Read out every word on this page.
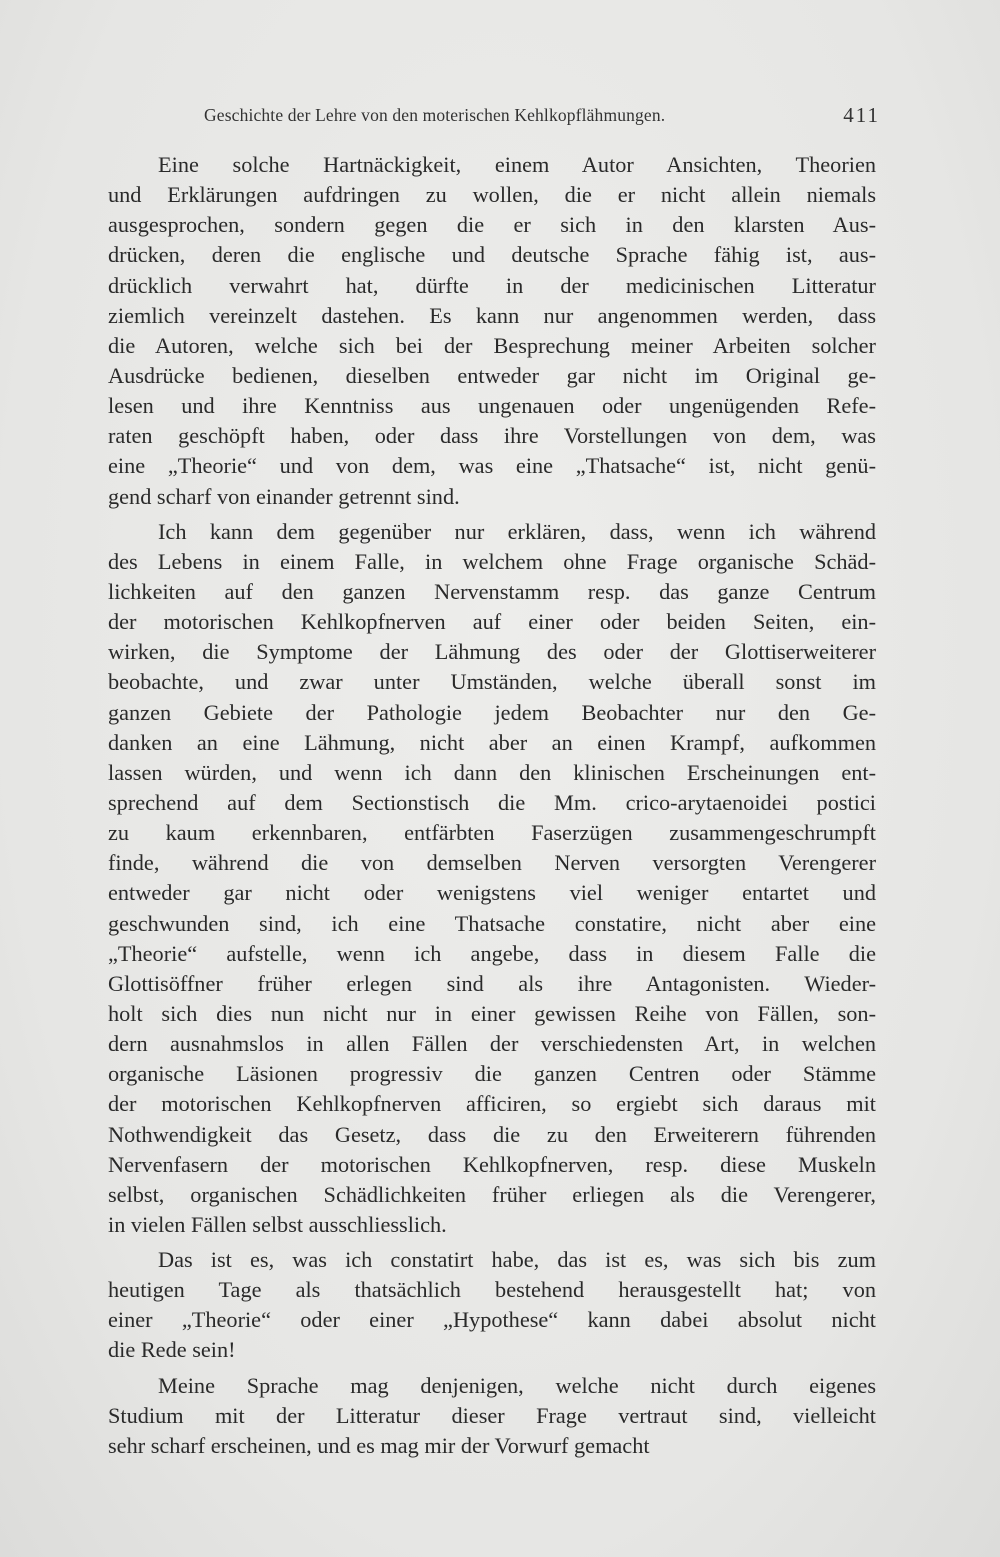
Geschichte der Lehre von den moterischen Kehlkopflähmungen.	411
Eine solche Hartnäckigkeit, einem Autor Ansichten, Theorien
und Erklärungen aufdringen zu wollen, die er nicht allein niemals
ausgesprochen, sondern gegen die er sich in den klarsten Aus-
drücken, deren die englische und deutsche Sprache fähig ist, aus-
drücklich verwahrt hat, dürfte in der medicinischen Litteratur
ziemlich vereinzelt dastehen. Es kann nur angenommen werden, dass
die Autoren, welche sich bei der Besprechung meiner Arbeiten solcher
Ausdrücke bedienen, dieselben entweder gar nicht im Original ge-
lesen und ihre Kenntniss aus ungenauen oder ungenügenden Refe-
raten geschöpft haben, oder dass ihre Vorstellungen von dem, was
eine „Theorie“ und von dem, was eine „Thatsache“ ist, nicht genü-
gend scharf von einander getrennt sind.
Ich kann dem gegenüber nur erklären, dass, wenn ich während
des Lebens in einem Falle, in welchem ohne Frage organische Schäd-
lichkeiten auf den ganzen Nervenstamm resp. das ganze Centrum
der motorischen Kehlkopfnerven auf einer oder beiden Seiten, ein-
wirken, die Symptome der Lähmung des oder der Glottiserweiterer
beobachte, und zwar unter Umständen, welche überall sonst im
ganzen Gebiete der Pathologie jedem Beobachter nur den Ge-
danken an eine Lähmung, nicht aber an einen Krampf, aufkommen
lassen würden, und wenn ich dann den klinischen Erscheinungen ent-
sprechend auf dem Sectionstisch die Mm. crico-arytaenoidei postici
zu kaum erkennbaren, entfärbten Faserzügen zusammengeschrumpft
finde, während die von demselben Nerven versorgten Verengerer
entweder gar nicht oder wenigstens viel weniger entartet und
geschwunden sind, ich eine Thatsache constatire, nicht aber eine
„Theorie“ aufstelle, wenn ich angebe, dass in diesem Falle die
Glottisöffner früher erlegen sind als ihre Antagonisten. Wieder-
holt sich dies nun nicht nur in einer gewissen Reihe von Fällen, son-
dern ausnahmslos in allen Fällen der verschiedensten Art, in welchen
organische Läsionen progressiv die ganzen Centren oder Stämme
der motorischen Kehlkopfnerven afficiren, so ergiebt sich daraus mit
Nothwendigkeit das Gesetz, dass die zu den Erweiterern führenden
Nervenfasern der motorischen Kehlkopfnerven, resp. diese Muskeln
selbst, organischen Schädlichkeiten früher erliegen als die Verengerer,
in vielen Fällen selbst ausschliesslich.
Das ist es, was ich constatirt habe, das ist es, was sich bis zum
heutigen Tage als thatsächlich bestehend herausgestellt hat; von
einer „Theorie“ oder einer „Hypothese“ kann dabei absolut nicht
die Rede sein!
Meine Sprache mag denjenigen, welche nicht durch eigenes
Studium mit der Litteratur dieser Frage vertraut sind, vielleicht
sehr scharf erscheinen, und es mag mir der Vorwurf gemacht
